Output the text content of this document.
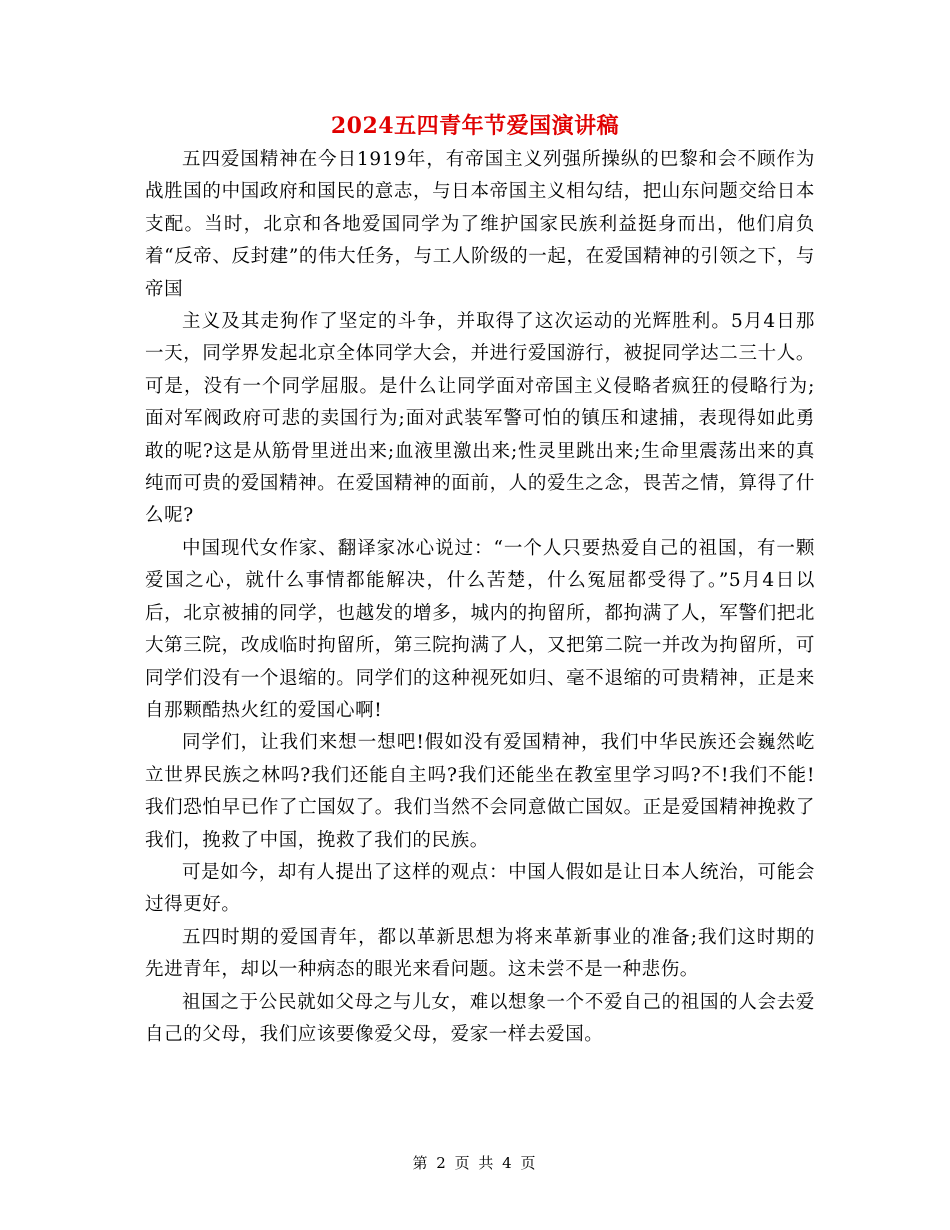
2024五四青年节爱国演讲稿

五四爱国精神在今日1919年，有帝国主义列强所操纵的巴黎和会不顾作为战胜国的中国政府和国民的意志，与日本帝国主义相勾结，把山东问题交给日本支配。当时，北京和各地爱国同学为了维护国家民族利益挺身而出，他们肩负着“反帝、反封建”的伟大任务，与工人阶级的一起，在爱国精神的引领之下，与帝国

主义及其走狗作了坚定的斗争，并取得了这次运动的光辉胜利。5月4日那一天，同学界发起北京全体同学大会，并进行爱国游行，被捉同学达二三十人。可是，没有一个同学屈服。是什么让同学面对帝国主义侵略者疯狂的侵略行为;面对军阀政府可悲的卖国行为;面对武装军警可怕的镇压和逮捕，表现得如此勇敢的呢?这是从筋骨里迸出来;血液里激出来;性灵里跳出来;生命里震荡出来的真纯而可贵的爱国精神。在爱国精神的面前，人的爱生之念，畏苦之情，算得了什么呢?

中国现代女作家、翻译家冰心说过：“一个人只要热爱自己的祖国，有一颗爱国之心，就什么事情都能解决，什么苦楚，什么冤屈都受得了。”5月4日以后，北京被捕的同学，也越发的增多，城内的拘留所，都拘满了人，军警们把北大第三院，改成临时拘留所，第三院拘满了人，又把第二院一并改为拘留所，可同学们没有一个退缩的。同学们的这种视死如归、毫不退缩的可贵精神，正是来自那颗酷热火红的爱国心啊!

同学们，让我们来想一想吧!假如没有爱国精神，我们中华民族还会巍然屹立世界民族之林吗?我们还能自主吗?我们还能坐在教室里学习吗?不!我们不能!我们恐怕早已作了亡国奴了。我们当然不会同意做亡国奴。正是爱国精神挽救了我们，挽救了中国，挽救了我们的民族。

可是如今，却有人提出了这样的观点：中国人假如是让日本人统治，可能会过得更好。

五四时期的爱国青年，都以革新思想为将来革新事业的准备;我们这时期的先进青年，却以一种病态的眼光来看问题。这未尝不是一种悲伤。

祖国之于公民就如父母之与儿女，难以想象一个不爱自己的祖国的人会去爱自己的父母，我们应该要像爱父母，爱家一样去爱国。

第 2 页 共 4 页
